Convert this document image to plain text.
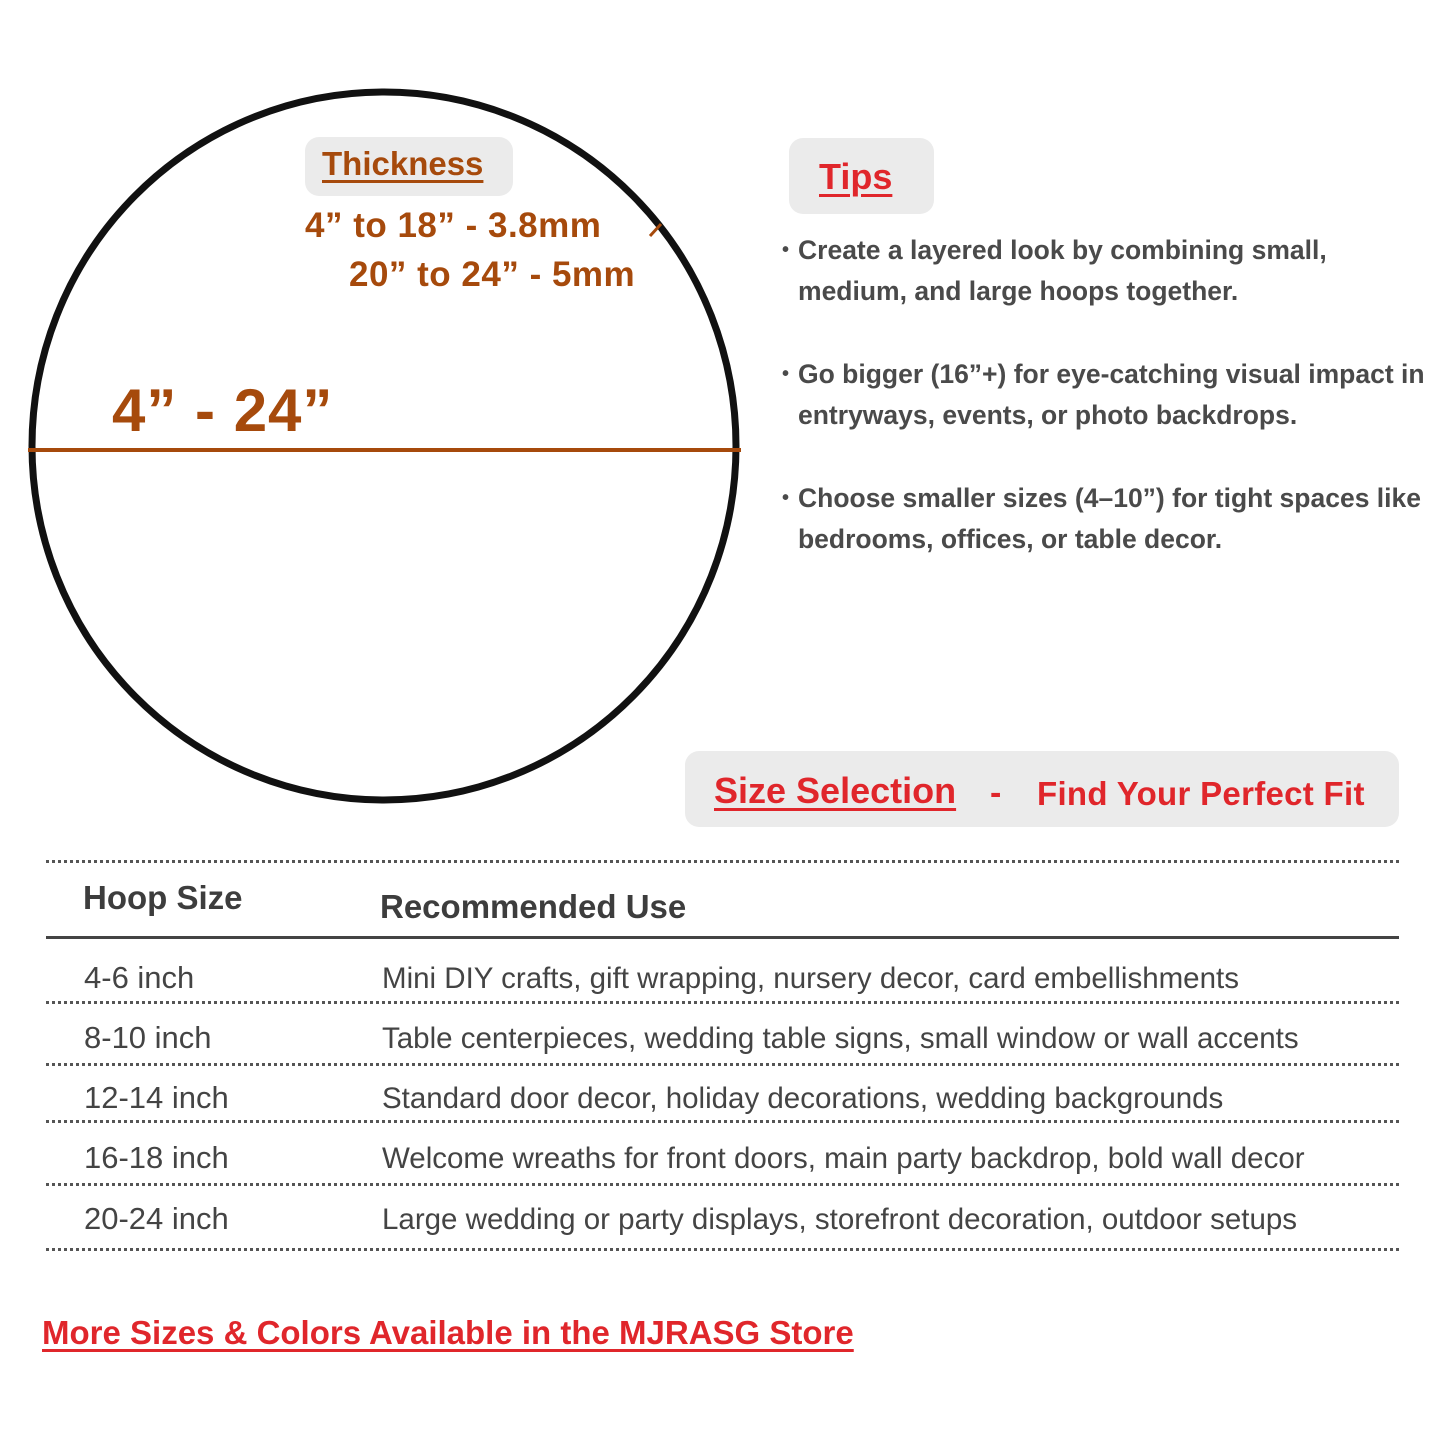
Thickness
4” to 18” - 3.8mm
20” to 24” - 5mm
4” - 24”
Tips
• Create a layered look by combining small, medium, and large hoops together.
• Go bigger (16”+) for eye-catching visual impact in entryways, events, or photo backdrops.
• Choose smaller sizes (4–10”) for tight spaces like bedrooms, offices, or table decor.
Size Selection - Find Your Perfect Fit
Hoop Size	Recommended Use
4-6 inch	Mini DIY crafts, gift wrapping, nursery decor, card embellishments
8-10 inch	Table centerpieces, wedding table signs, small window or wall accents
12-14 inch	Standard door decor, holiday decorations, wedding backgrounds
16-18 inch	Welcome wreaths for front doors, main party backdrop, bold wall decor
20-24 inch	Large wedding or party displays, storefront decoration, outdoor setups
More Sizes & Colors Available in the MJRASG Store
